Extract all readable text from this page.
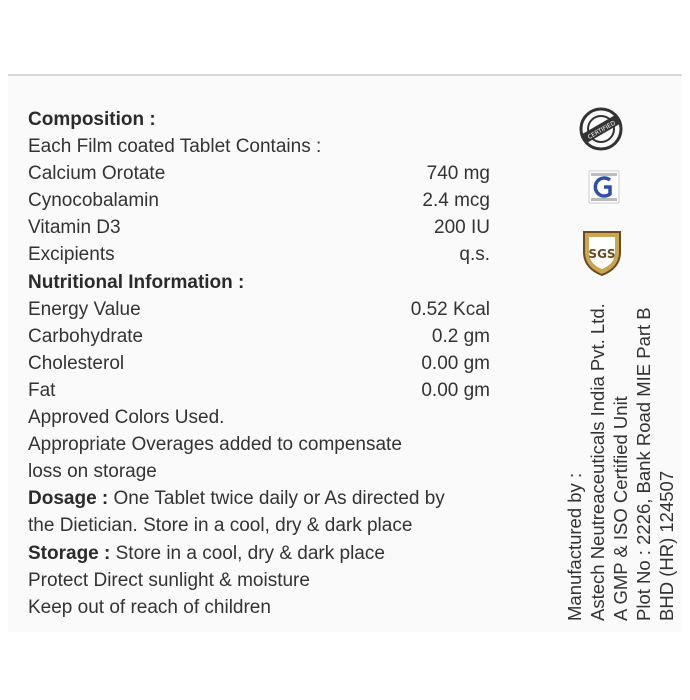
Composition :
Each Film coated Tablet Contains :
Calcium Orotate	740 mg
Cynocobalamin	2.4 mcg
Vitamin D3	200 IU
Excipients	q.s.
Nutritional Information :
Energy Value	0.52 Kcal
Carbohydrate	0.2 gm
Cholesterol	0.00 gm
Fat	0.00 gm
Approved Colors Used.
Appropriate Overages added to compensate
loss on storage
Dosage : One Tablet twice daily or As directed by
the Dietician. Store in a cool, dry & dark place
Storage : Store in a cool, dry & dark place
Protect Direct sunlight & moisture
Keep out of reach of children
CERTIFIED
SGS
Manufactured by : Astech Neutreaceuticals India Pvt. Ltd. A GMP & ISO Certified Unit Plot No : 2226, Bank Road MIE Part B BHD (HR) 124507
